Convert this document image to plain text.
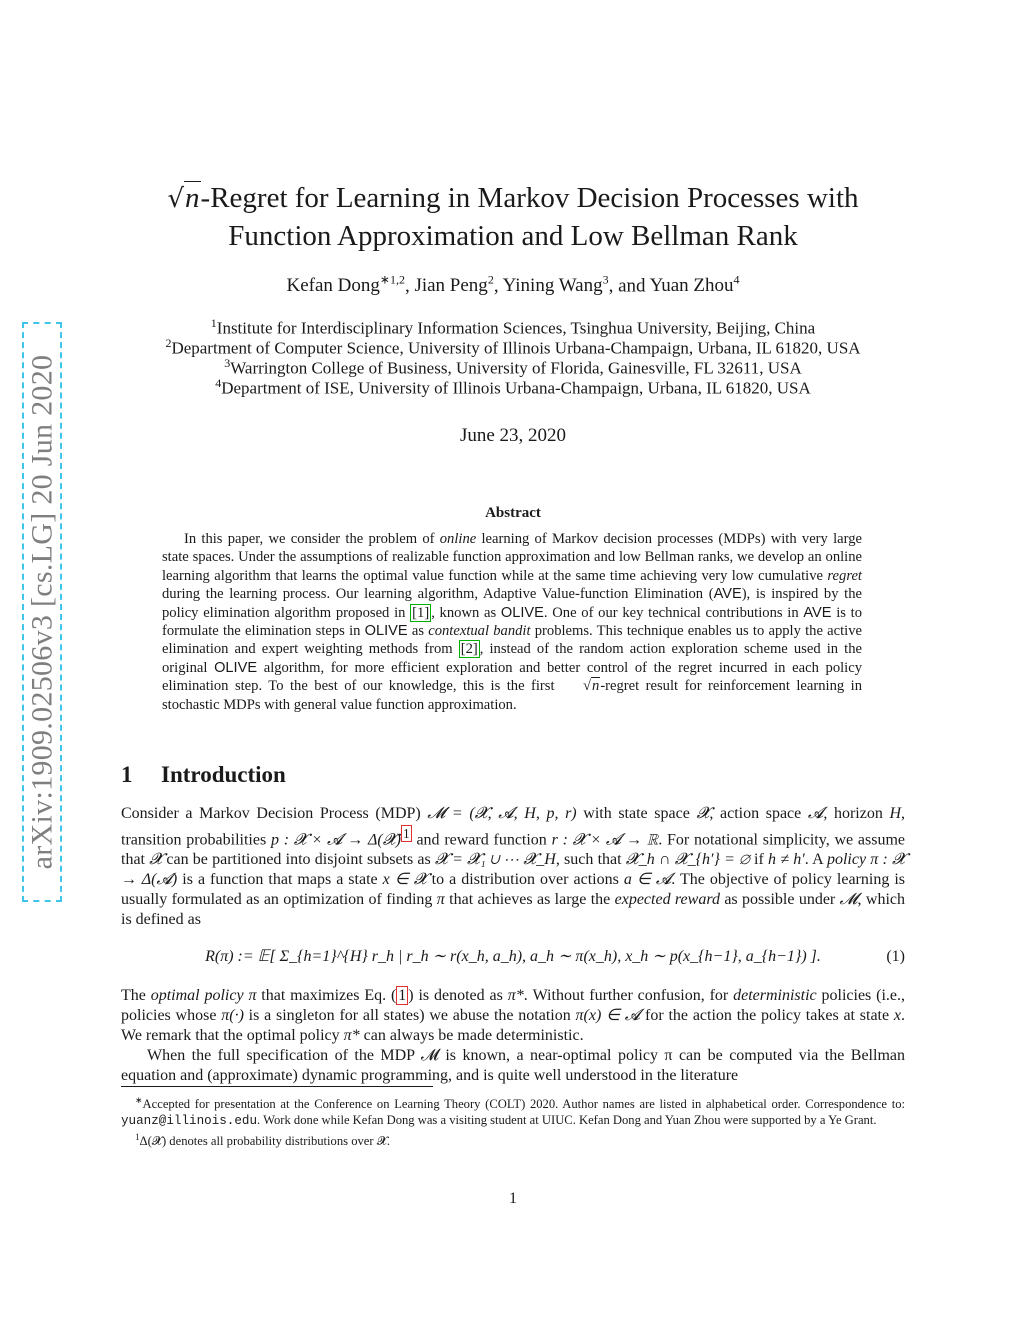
arXiv:1909.02506v3 [cs.LG] 20 Jun 2020
√n-Regret for Learning in Markov Decision Processes with
Function Approximation and Low Bellman Rank
Kefan Dong$^{∗1,2}$, Jian Peng$^2$, Yining Wang$^3$, and Yuan Zhou$^4$
$^1$Institute for Interdisciplinary Information Sciences, Tsinghua University, Beijing, China
$^2$Department of Computer Science, University of Illinois Urbana-Champaign, Urbana, IL 61820, USA
$^3$Warrington College of Business, University of Florida, Gainesville, FL 32611, USA
$^4$Department of ISE, University of Illinois Urbana-Champaign, Urbana, IL 61820, USA
June 23, 2020
Abstract

In this paper, we consider the problem of online learning of Markov decision processes (MDPs) with very large state spaces. Under the assumptions of realizable function approximation and low Bellman ranks, we develop an online learning algorithm that learns the optimal value function while at the same time achieving very low cumulative regret during the learning process. Our learning algorithm, Adaptive Value-function Elimination (AVE), is inspired by the policy elimination algorithm proposed in [1] , known as OLIVE. One of our key technical contributions in AVE is to formulate the elimination steps in OLIVE as contextual bandit problems. This technique enables us to apply the active elimination and expert weighting methods from [2] , instead of the random action exploration scheme used in the original OLIVE algorithm, for more efficient exploration and better control of the regret incurred in each policy elimination step. To the best of our knowledge, this is the first √n-regret result for reinforcement learning in stochastic MDPs with general value function approximation.

1 Introduction

Consider a Markov Decision Process (MDP) 𝓜 = (𝓧, 𝓐, H, p, r) with state space 𝓧, action space 𝓐, horizon H, transition probabilities p : 𝓧 × 𝓐 → Δ(𝓧) $^1$ and reward function r : 𝓧 × 𝓐 → ℝ. For notational simplicity, we assume that 𝓧 can be partitioned into disjoint subsets as 𝓧 = 𝓧₁ ∪ ⋯ 𝓧_H, such that 𝓧_h ∩ 𝓧_{h′} = ∅ if h ≠ h′. A policy π : 𝓧 → Δ(𝓐) is a function that maps a state x ∈ 𝓧 to a distribution over actions a ∈ 𝓐. The objective of policy learning is usually formulated as an optimization of finding π that achieves as large the expected reward as possible under 𝓜, which is defined as

R(π) := 𝔼[ Σ_{h=1}^{H} r_h | r_h ∼ r(x_h, a_h), a_h ∼ π(x_h), x_h ∼ p(x_{h−1}, a_{h−1}) ].	(1)

The optimal policy π that maximizes Eq. ( 1 ) is denoted as π*. Without further confusion, for deterministic policies (i.e., policies whose π(·) is a singleton for all states) we abuse the notation π(x) ∈ 𝓐 for the action the policy takes at state x. We remark that the optimal policy π* can always be made deterministic.

When the full specification of the MDP 𝓜 is known, a near-optimal policy π can be computed via the Bellman equation and (approximate) dynamic programming, and is quite well understood in the literature

∗Accepted for presentation at the Conference on Learning Theory (COLT) 2020. Author names are listed in alphabetical order. Correspondence to: yuanz@illinois.edu. Work done while Kefan Dong was a visiting student at UIUC. Kefan Dong and Yuan Zhou were supported by a Ye Grant.

$^1$Δ(𝓧) denotes all probability distributions over 𝓧.

1
